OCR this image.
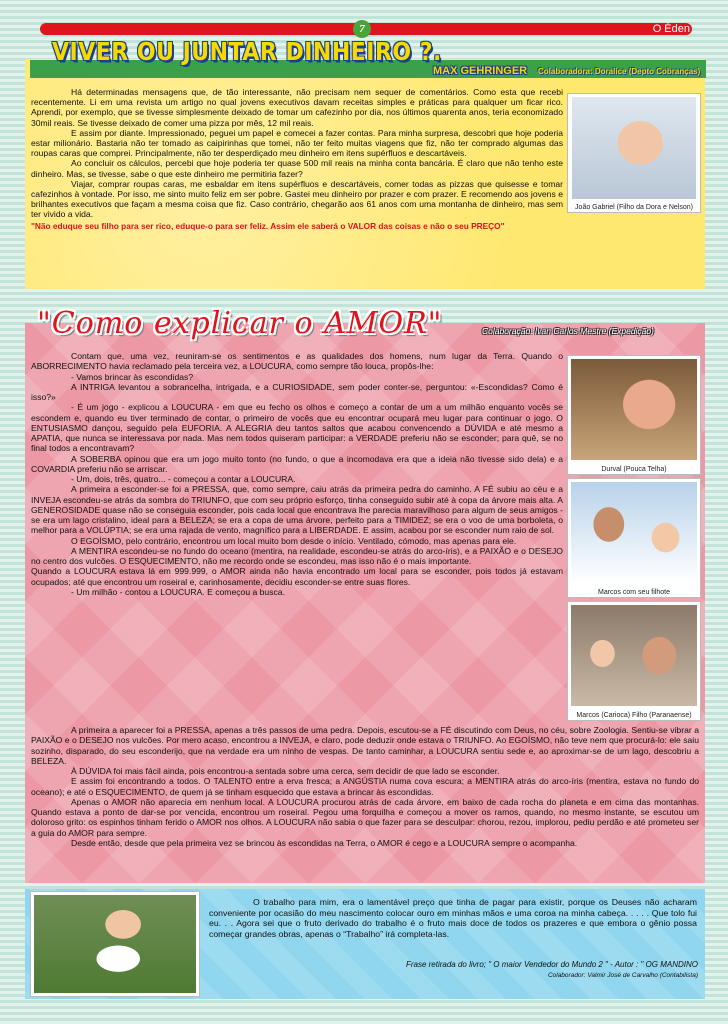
7	O Éden
VIVER OU JUNTAR DINHEIRO ?.
MAX GEHRINGER Colaboradora: Doralice (Depto Cobranças)

Há determinadas mensagens que, de tão interessante, não precisam nem sequer de comentários. Como esta que recebi recentemente. Li em uma revista um artigo no qual jovens executivos davam receitas simples e práticas para qualquer um ficar rico. Aprendi, por exemplo, que se tivesse simplesmente deixado de tomar um cafezinho por dia, nos últimos quarenta anos, teria economizado 30mil reais. Se tivesse deixado de comer uma pizza por mês, 12 mil reais.

E assim por diante. Impressionado, peguei um papel e comecei a fazer contas. Para minha surpresa, descobri que hoje poderia estar milionário. Bastaria não ter tomado as caipirinhas que tomei, não ter feito muitas viagens que fiz, não ter comprado algumas das roupas caras que comprei. Principalmente, não ter desperdiçado meu dinheiro em itens supérfluos e descartáveis.

Ao concluir os cálculos, percebi que hoje poderia ter quase 500 mil reais na minha conta bancária. É claro que não tenho este dinheiro. Mas, se tivesse, sabe o que este dinheiro me permitiria fazer?

Viajar, comprar roupas caras, me esbaldar em itens supérfluos e descartáveis, comer todas as pizzas que quisesse e tomar cafezinhos à vontade. Por isso, me sinto muito feliz em ser pobre. Gastei meu dinheiro por prazer e com prazer. E recomendo aos jovens e brilhantes executivos que façam a mesma coisa que fiz. Caso contrário, chegarão aos 61 anos com uma montanha de dinheiro, mas sem ter vivido a vida.

"Não eduque seu filho para ser rico, eduque-o para ser feliz. Assim ele saberá o VALOR das coisas e não o seu PREÇO"
João Gabriel (Filho da Dora e Nelson)
"Como explicar o AMOR"	Colaboração: Ivan Carlos Mestre (Expedição)

Contam que, uma vez, reuniram-se os sentimentos e as qualidades dos homens, num lugar da Terra. Quando o ABORRECIMENTO havia reclamado pela terceira vez, a LOUCURA, como sempre tão louca, propôs-lhe:

- Vamos brincar às escondidas?

A INTRIGA levantou a sobrancelha, intrigada, e a CURIOSIDADE, sem poder conter-se, perguntou: «-Escondidas? Como é isso?»

- É um jogo - explicou a LOUCURA - em que eu fecho os olhos e começo a contar de um a um milhão enquanto vocês se escondem e, quando eu tiver terminado de contar, o primeiro de vocês que eu encontrar ocupará meu lugar para continuar o jogo. O ENTUSIASMO dançou, seguido pela EUFORIA. A ALEGRIA deu tantos saltos que acabou convencendo a DÚVIDA e até mesmo a APATIA, que nunca se interessava por nada. Mas nem todos quiseram participar: a VERDADE preferiu não se esconder; para quê, se no final todos a encontravam?

A SOBERBA opinou que era um jogo muito tonto (no fundo, o que a incomodava era que a ideia não tivesse sido dela) e a COVARDIA preferiu não se arriscar.

- Um, dois, três, quatro... - começou a contar a LOUCURA.

A primeira a esconder-se foi a PRESSA, que, como sempre, caiu atrás da primeira pedra do caminho. A FÉ subiu ao céu e a INVEJA escondeu-se atrás da sombra do TRIUNFO, que com seu próprio esforço, tinha conseguido subir até à copa da árvore mais alta. A GENEROSIDADE quase não se conseguia esconder, pois cada local que encontrava lhe parecia maravilhoso para algum de seus amigos - se era um lago cristalino, ideal para a BELEZA; se era a copa de uma árvore, perfeito para a TIMIDEZ; se era o voo de uma borboleta, o melhor para a VOLÚPTIA; se era uma rajada de vento, magnífico para a LIBERDADE. E assim, acabou por se esconder num raio de sol.

O EGOÍSMO, pelo contrário, encontrou um local muito bom desde o início. Ventilado, cómodo, mas apenas para ele.

A MENTIRA escondeu-se no fundo do oceano (mentira, na realidade, escondeu-se atrás do arco-íris), e a PAIXÃO e o DESEJO no centro dos vulcões. O ESQUECIMENTO, não me recordo onde se escondeu, mas isso não é o mais importante.

Quando a LOUCURA estava lá em 999.999, o AMOR ainda não havia encontrado um local para se esconder, pois todos já estavam ocupados; até que encontrou um roseiral e, carinhosamente, decidiu esconder-se entre suas flores.

- Um milhão - contou a LOUCURA. E começou a busca.

A primeira a aparecer foi a PRESSA, apenas a três passos de uma pedra. Depois, escutou-se a FÉ discutindo com Deus, no céu, sobre Zoologia. Sentiu-se vibrar a PAIXÃO e o DESEJO nos vulcões. Por mero acaso, encontrou a INVEJA, e claro, pode deduzir onde estava o TRIUNFO. Ao EGOÍSMO, não teve nem que procurá-lo: ele saiu sozinho, disparado, do seu esconderijo, que na verdade era um ninho de vespas. De tanto caminhar, a LOUCURA sentiu sede e, ao aproximar-se de um lago, descobriu a BELEZA.

À DÚVIDA foi mais fácil ainda, pois encontrou-a sentada sobre uma cerca, sem decidir de que lado se esconder.

E assim foi encontrando a todos. O TALENTO entre a erva fresca; a ANGÚSTIA numa cova escura; a MENTIRA atrás do arco-íris (mentira, estava no fundo do oceano); e até o ESQUECIMENTO, de quem já se tinham esquecido que estava a brincar às escondidas.

Apenas o AMOR não aparecia em nenhum local. A LOUCURA procurou atrás de cada árvore, em baixo de cada rocha do planeta e em cima das montanhas. Quando estava a ponto de dar-se por vencida, encontrou um roseiral. Pegou uma forquilha e começou a mover os ramos, quando, no mesmo instante, se escutou um doloroso grito: os espinhos tinham ferido o AMOR nos olhos. A LOUCURA não sabia o que fazer para se desculpar: chorou, rezou, implorou, pediu perdão e até prometeu ser a guia do AMOR para sempre.

Desde então, desde que pela primeira vez se brincou às escondidas na Terra, o AMOR é cego e a LOUCURA sempre o acompanha.

Durval (Pouca Telha)
Marcos com seu filhote
Marcos (Carioca) Filho (Paranaense)

O trabalho para mim, era o lamentável preço que tinha de pagar para existir, porque os Deuses não acharam conveniente por ocasião do meu nascimento colocar ouro em minhas mãos e uma coroa na minha cabeça. . . . . Que tolo fui eu. . . Agora sei que o fruto derivado do trabalho é o fruto mais doce de todos os prazeres e que embora o gênio possa começar grandes obras, apenas o “Trabalho” irá completa-las.

Frase retirada do livro; " O maior Vendedor do Mundo 2 " - Autor : " OG MANDINO
Colaborador: Valmir José de Carvalho (Contabilista)
